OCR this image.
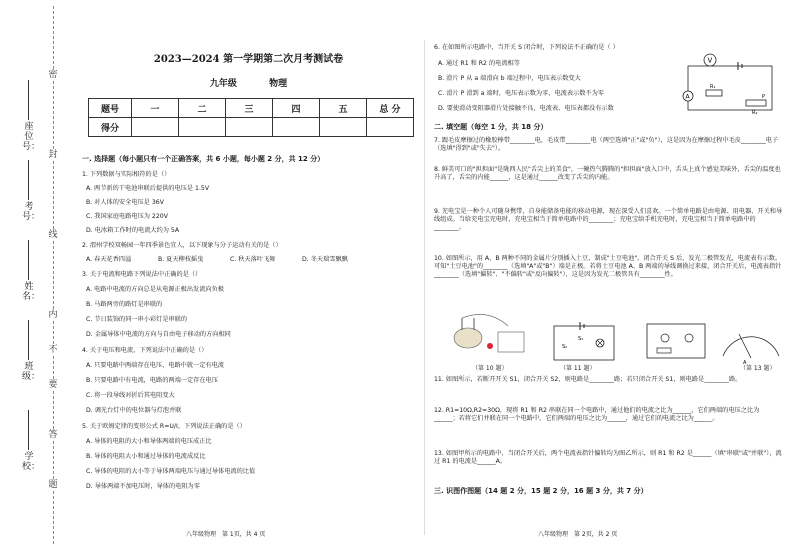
密
封
线
内
不
要
答
题
座位号：
考号：
姓名：
班级：
学校：
2023—2024 第一学期第二次月考测试卷
九年级	物理
题号	一	二	三	四	五	总 分
得分						
一. 选择题（每小题只有一个正确答案，共 6 小题，每小题 2 分，共 12 分）
1. 下列数据与实际相符的是（）
A. 两节新的干电池串联后提供的电压是 1.5V
B. 对人体的安全电压是 36V
C. 我国家庭电路电压为 220V
D. 电冰箱工作时的电流大约为 5A
2. 渭州学校双畅园一年四季景色宜人，以下现象与分子运动有关的是（）
A. 春天花香四溢	B. 夏天柳枝摇曳	C. 秋天落叶飞舞	D. 冬天瑞雪飘飘
3. 关于电流和电路下列说法中正确的是（）
A. 电路中电流的方向总是从电源正极出发流向负极
B. 马路两旁的路灯是串联的
C. 节日装饰的同一串小彩灯是串联的
D. 金属导体中电流的方向与自由电子移动的方向相同
4. 关于电压和电流，下列说法中正确的是（）
A. 只要电路中两端存在电压，电路中就一定有电流
B. 只要电路中有电流，电路的两端一定存在电压
C. 将一段导线对折后其电阻变大
D. 调光台灯中的电位器与灯泡并联
5. 关于欧姆定律的变形公式 R=U/I，下列说法正确的是（）
A. 导体的电阻的大小和导体两端的电压成正比
B. 导体的电阻大小和通过导体的电流成反比
C. 导体的电阻的大小等于导体两端电压与通过导体电流的比值
D. 导体两端不加电压时，导体的电阻为零
八年级物理　第 1页，共 4 页
6. 在如图所示电路中，当开关 S 闭合时，下列说法不正确的是（ ）
A. 通过 R1 和 R2 的电流相等
B. 滑片 P 从 a 端滑向 b 端过程中，电压表示数变大
C. 滑片 P 滑到 a 端时，电压表示数为零，电流表示数不为零
D. 要使滑动变阻器滑片处接触不良，电流表、电压表都没有示数
V
A
R₂
R₁
P
二. 填空题（每空 1 分，共 18 分）
7. 跟毛皮摩擦过的橡胶棒带________电，毛皮带________电（两空选填"正"或"负"），这是因为在摩擦过程中毛皮________电子（选填"得到"或"失去"）。
8. 鲜美可口的"担担面"是陇西人民"舌尖上的美食"，一碗热气腾腾的"担担面"放入口中，舌头上真个感觉美味外，舌尖的温度也升高了，舌尖的内能______，这是通过______改变了舌尖的内能。
9. 充电宝是一种个人可随身携带，自身能储备电能的移动电源，现在深受人们喜欢。一个简单电路是由电源、用电器、开关和导线组成。当给充电宝充电时，充电宝相当于简单电路中的________；充电宝给手机充电时，充电宝相当于简单电路中的________。
10. 如图所示，用 A、B 两种不同的金属片分别插入土豆，制成"土豆电池"。闭合开关 S 后，发光二极管发光，电流表有示数。可知"土豆电池"的________（选填"A"或"B"）端是正极。若将土豆电池 A、B 两端的导线调换过来接，闭合开关后，电流表指针________（选填"偏转"、"不偏转"或"反向偏转"），这是因为发光二极管具有________性。
（第 10 题）
S₂
S₁
（第 11 题）
A
（第 13 题）
11. 如图所示，若断开开关 S1，闭合开关 S2，则电路是________路；若只闭合开关 S1，则电路是________路。
12. R1=10Ω,R2=30Ω，现将 R1 和 R2 串联在同一个电路中，通过他们的电流之比为______，它们两端的电压之比为______；若将它们并联在同一个电路中，它们两端的电压之比为______，通过它们的电流之比为______。
13. 如图甲所示的电路中，当闭合开关后，两个电流表指针偏转均为图乙所示，则 R1 和 R2 是______（填"串联"或"并联"），流过 R1 的电流是______A。
三. 识图作图题（14 题 2 分，15 题 2 分，16 题 3 分，共 7 分）
八年级物理　第 2页，共 2 页
